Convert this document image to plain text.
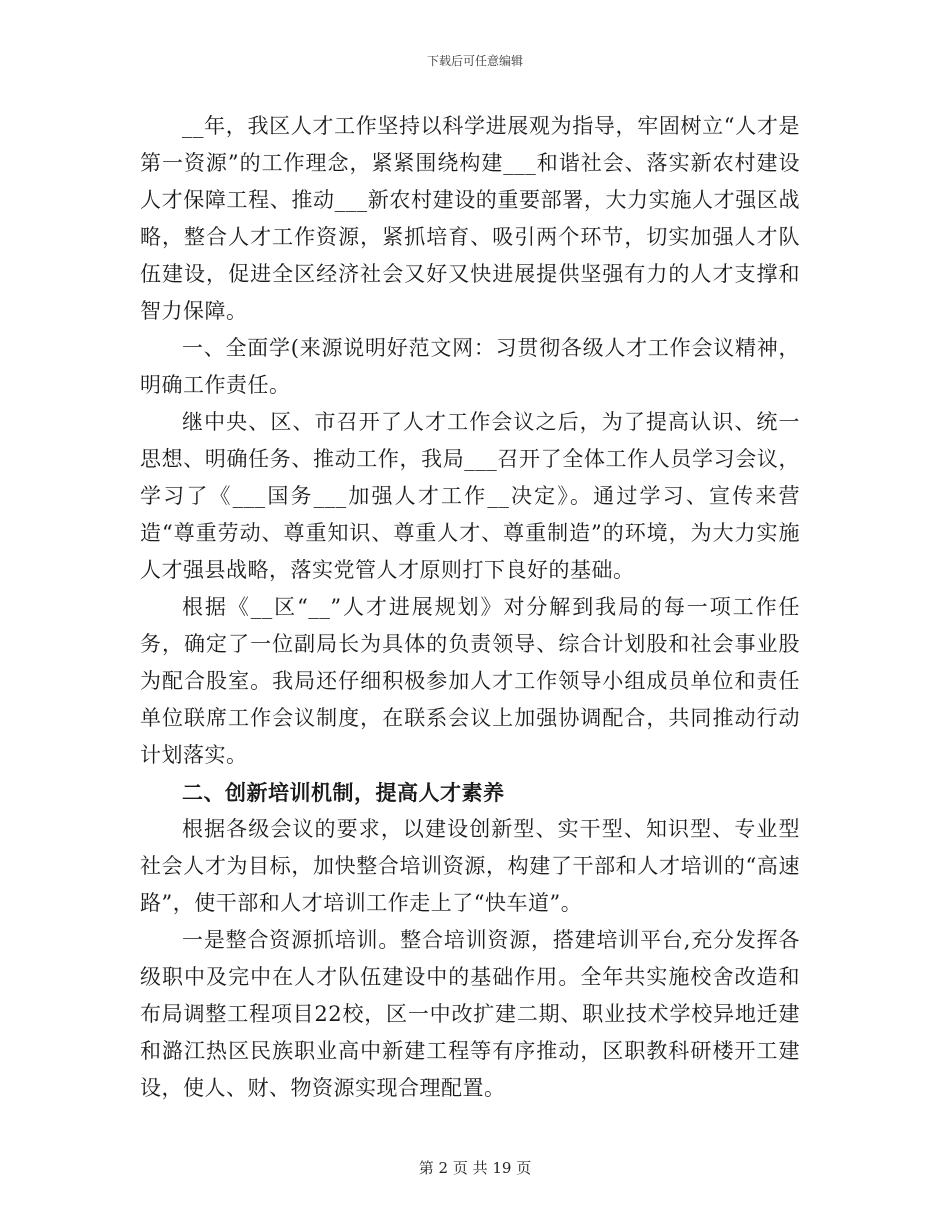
下载后可任意编辑

__年，我区人才工作坚持以科学进展观为指导，牢固树立“人才是第一资源”的工作理念，紧紧围绕构建___和谐社会、落实新农村建设人才保障工程、推动___新农村建设的重要部署，大力实施人才强区战略，整合人才工作资源，紧抓培育、吸引两个环节，切实加强人才队伍建设，促进全区经济社会又好又快进展提供坚强有力的人才支撑和智力保障。

一、全面学(来源说明好范文网：习贯彻各级人才工作会议精神，明确工作责任。

继中央、区、市召开了人才工作会议之后，为了提高认识、统一思想、明确任务、推动工作，我局___召开了全体工作人员学习会议，学习了《___国务___加强人才工作__决定》。通过学习、宣传来营造“尊重劳动、尊重知识、尊重人才、尊重制造”的环境，为大力实施人才强县战略，落实党管人才原则打下良好的基础。

根据《__区“__”人才进展规划》对分解到我局的每一项工作任务，确定了一位副局长为具体的负责领导、综合计划股和社会事业股为配合股室。我局还仔细积极参加人才工作领导小组成员单位和责任单位联席工作会议制度，在联系会议上加强协调配合，共同推动行动计划落实。

二、创新培训机制，提高人才素养

根据各级会议的要求，以建设创新型、实干型、知识型、专业型社会人才为目标，加快整合培训资源，构建了干部和人才培训的“高速路”，使干部和人才培训工作走上了“快车道”。

一是整合资源抓培训。整合培训资源，搭建培训平台,充分发挥各级职中及完中在人才队伍建设中的基础作用。全年共实施校舍改造和布局调整工程项目22校，区一中改扩建二期、职业技术学校异地迁建和潞江热区民族职业高中新建工程等有序推动，区职教科研楼开工建设，使人、财、物资源实现合理配置。

第 2 页 共 19 页
